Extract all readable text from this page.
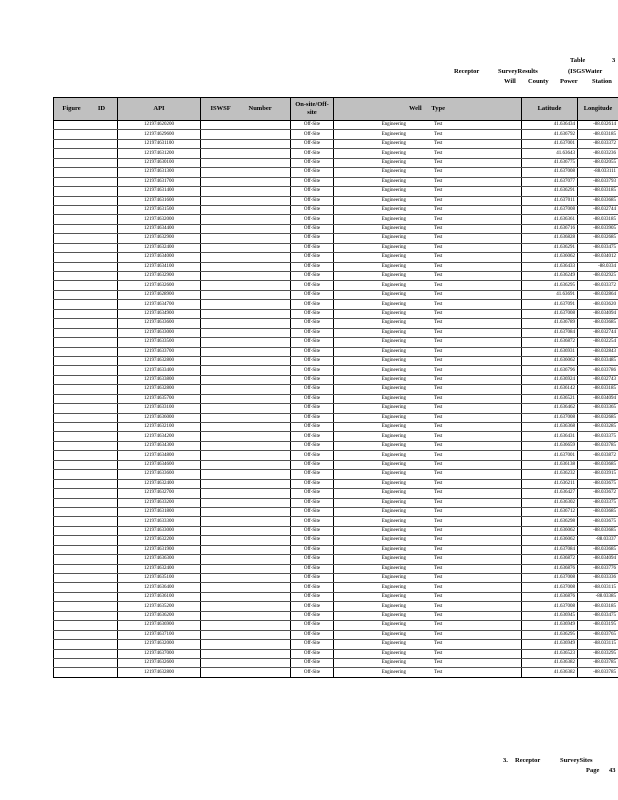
Table	3
Receptor	SurveyResults	(ISGSWater
Will County Power Station
Figure ID	API	ISWSF Number	On-site/Off-site	Well Type	Latitude	Longitude
	121974620200		Off-Site	Engineering Test	41.636434	-88.032614
	121974629600		Off-Site	Engineering Test	41.636792	-88.033185
	121974631100		Off-Site	Engineering Test	41.637001	-88.033372
	121974631200		Off-Site	Engineering Test	41.63643	-88.033236
	121974630100		Off-Site	Engineering Test	41.636775	-88.032055
	121974631300		Off-Site	Engineering Test	41.637008	-88.033111
	121974631700		Off-Site	Engineering Test	41.637077	-88.033793
	121974631400		Off-Site	Engineering Test	41.636291	-88.033185
	121974631600		Off-Site	Engineering Test	41.637011	-88.033685
	121974631500		Off-Site	Engineering Test	41.637008	-88.032744
	121974632000		Off-Site	Engineering Test	41.636361	-88.033185
	121974634400		Off-Site	Engineering Test	41.636716	-88.033905
	121974632900		Off-Site	Engineering Test	41.636828	-88.032685
	121974632400		Off-Site	Engineering Test	41.636291	-88.033475
	121974634000		Off-Site	Engineering Test	41.636062	-88.034012
	121974634100		Off-Site	Engineering Test	41.636433	-88.0334
	121974632900		Off-Site	Engineering Test	41.636249	-88.032925
	121974632600		Off-Site	Engineering Test	41.636295	-88.033372
	121974628900		Off-Site	Engineering Test	41.63691	-88.032864
	121974634700		Off-Site	Engineering Test	41.637091	-88.033620
	121974634900		Off-Site	Engineering Test	41.637008	-88.034094
	121974633600		Off-Site	Engineering Test	41.636789	-88.033685
	121974633000		Off-Site	Engineering Test	41.637084	-88.032744
	121974633500		Off-Site	Engineering Test	41.636872	-88.032254
	121974633700		Off-Site	Engineering Test	41.636931	-88.032843
	121974632800		Off-Site	Engineering Test	41.636062	-88.033485
	121974633400		Off-Site	Engineering Test	41.636796	-88.033786
	121974633800		Off-Site	Engineering Test	41.636924	-88.032743
	121974632800		Off-Site	Engineering Test	41.636142	-88.033185
	121974635700		Off-Site	Engineering Test	41.636521	-88.034094
	121974633100		Off-Site	Engineering Test	41.636462	-88.033365
	121974636000		Off-Site	Engineering Test	41.637008	-88.032685
	121974632100		Off-Site	Engineering Test	41.636368	-88.033285
	121974634200		Off-Site	Engineering Test	41.636431	-88.033375
	121974634300		Off-Site	Engineering Test	41.636659	-88.033785
	121974634800		Off-Site	Engineering Test	41.637001	-88.033872
	121974634600		Off-Site	Engineering Test	41.636138	-88.033685
	121974633600		Off-Site	Engineering Test	41.636232	-88.033915
	121974632400		Off-Site	Engineering Test	41.636211	-88.033675
	121974632700		Off-Site	Engineering Test	41.636427	-88.033672
	121974633200		Off-Site	Engineering Test	41.636302	-88.033375
	121974631800		Off-Site	Engineering Test	41.636712	-88.033685
	121974633300		Off-Site	Engineering Test	41.636298	-88.033675
	121974633000		Off-Site	Engineering Test	41.636062	-88.033685
	121974632200		Off-Site	Engineering Test	41.636062	-88.03337
	121974631900		Off-Site	Engineering Test	41.637084	-88.033685
	121974636300		Off-Site	Engineering Test	41.636872	-88.034094
	121974632400		Off-Site	Engineering Test	41.636876	-88.033776
	121974635100		Off-Site	Engineering Test	41.637008	-88.033336
	121974636400		Off-Site	Engineering Test	41.637008	-88.033115
	121974636100		Off-Site	Engineering Test	41.636876	-88.03385
	121974635200		Off-Site	Engineering Test	41.637008	-88.033185
	121974636200		Off-Site	Engineering Test	41.636945	-88.033475
	121974636900		Off-Site	Engineering Test	41.636949	-88.033195
	121974637100		Off-Site	Engineering Test	41.636295	-88.033765
	121974632000		Off-Site	Engineering Test	41.636949	-88.033115
	121974637000		Off-Site	Engineering Test	41.636523	-88.033295
	121974632600		Off-Site	Engineering Test	41.636382	-88.033785
	121974632800		Off-Site	Engineering Test	41.636382	-88.033785
3. Receptor	SurveySites
Page 43
